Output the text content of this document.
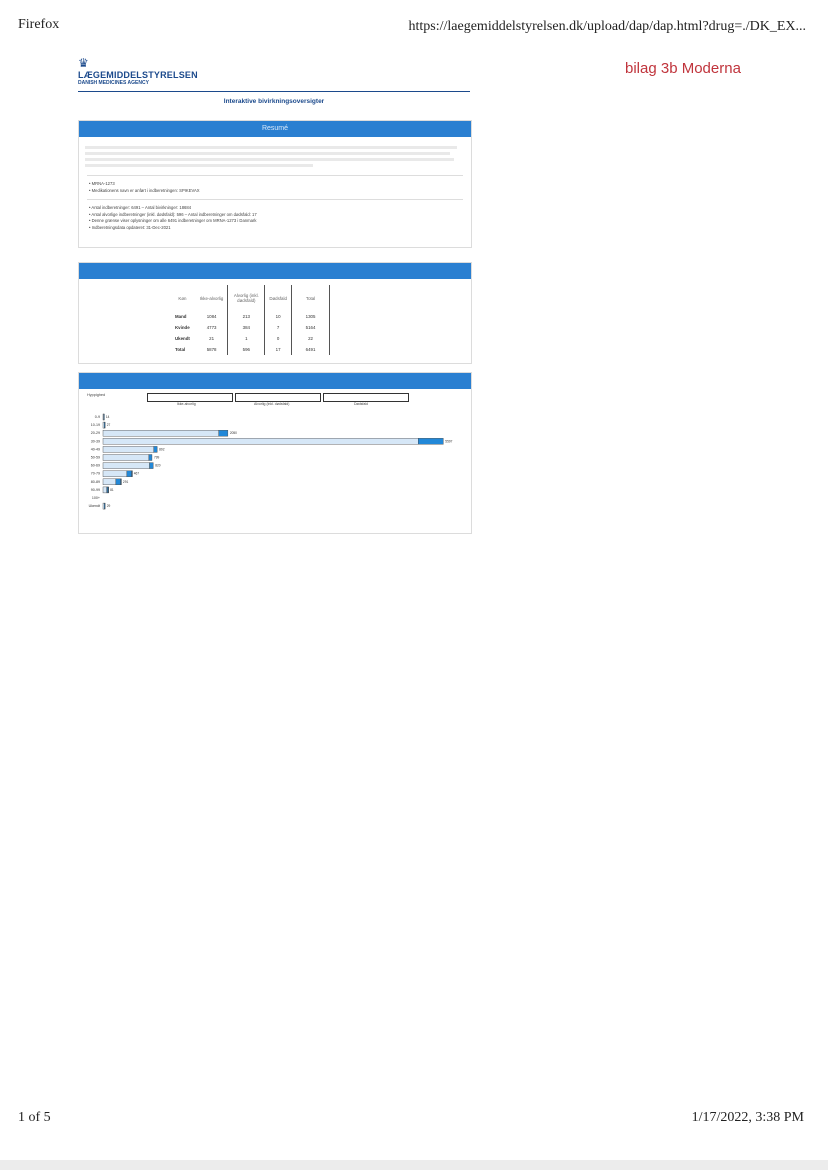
Firefox	https://laegemiddelstyrelsen.dk/upload/dap/dap.html?drug=./DK_EX...
bilag 3b Moderna
♛
LÆGEMIDDELSTYRELSEN
DANISH MEDICINES AGENCY
Interaktive bivirkningsoversigter
Resumé
• MRNA-1273
• Medikationens navn er anført i indberetningen: SPIKEVAX
• Antal indberetninger: 6491 – Antal bivirkninger: 18684
• Antal alvorlige indberetninger (inkl. dødsfald): 596 – Antal indberetninger om dødsfald: 17
• Denne grænse viser oplysninger om alle 6491 indberetninger om MRNA-1273 i Danmark
• Indberetningsdata opdateret: 31-Dec-2021
Køn	Ikke-alvorlig	Alvorlig (inkl. dødsfald)	Dødsfald	Total
Mand	1084	213	10	1305
Kvinde	4773	384	7	5164
Ukendt	21	1	0	22
Total	5878	596	17	6491
Hyppighed
Ikke-alvorlig	Alvorlig (inkl. dødsfald)	Dødsfald
0-9 14
10-19 27
20-29	2050
30-39	5597
40-49	892
50-59	799
60-69	820
70-79	467
80-89	291
90-99	81
100+
Ukendt 29
1 of 5	1/17/2022, 3:38 PM
